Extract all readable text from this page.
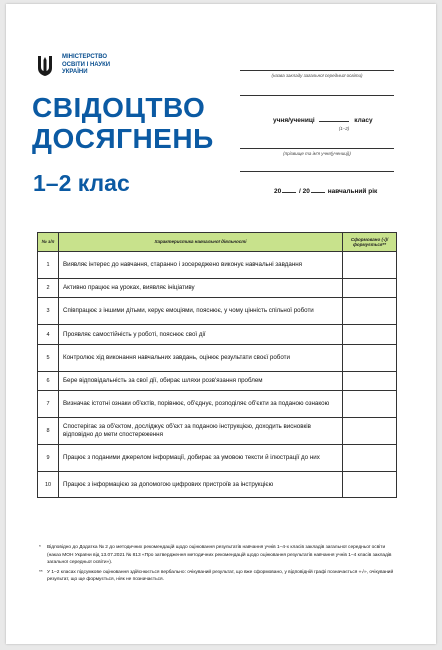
МІНІСТЕРСТВО
ОСВІТИ І НАУКИ
УКРАЇНИ
СВІДОЦТВО
ДОСЯГНЕНЬ
1–2 клас
(назва закладу загальної середньої освіти)
учня/учениці	класу
(1–2)
(прізвище та ім'я учня(учениці))
20	/ 20	навчальний рік
№ з/п	Характеристика навчальної діяльності	Сформовано (√)/ формується**
1	Виявляє інтерес до навчання, старанно і зосереджено виконує навчальні завдання	
2	Активно працює на уроках, виявляє ініціативу	
3	Співпрацює з іншими дітьми, керує емоціями, пояснює, у чому цінність спільної роботи	
4	Проявляє самостійність у роботі, пояснює свої дії	
5	Контролює хід виконання навчальних завдань, оцінює результати своєї роботи	
6	Бере відповідальність за свої дії, обирає шляхи розв'язання проблем	
7	Визначає істотні ознаки об'єктів, порівнює, об'єднує, розподіляє об'єкти за поданою ознакою	
8	Спостерігає за об'єктом, досліджує об'єкт за поданою інструкцією, доходить висновків відповідно до мети спостереження	
9	Працює з поданими джерелом інформації, добирає за умовою тексти й ілюстрації до них	
10	Працює з інформацією за допомогою цифрових пристроїв за інструкцією	
* Відповідно до Додатка № 2 до методичних рекомендацій щодо оцінювання результатів навчання учнів 1–4-х класів закладів загальної середньої освіти (наказ МОН України від 13.07.2021 № 813 «Про затвердження методичних рекомендацій щодо оцінювання результатів навчання учнів 1–4 класів закладів загальної середньої освіти»).
** У 1–2 класах підсумкове оцінювання здійснюється вербально: очікуваний результат, що вже сформовано, у відповідній графі позначається «√», очікуваний результат, що ще формується, ніяк не позначається.
